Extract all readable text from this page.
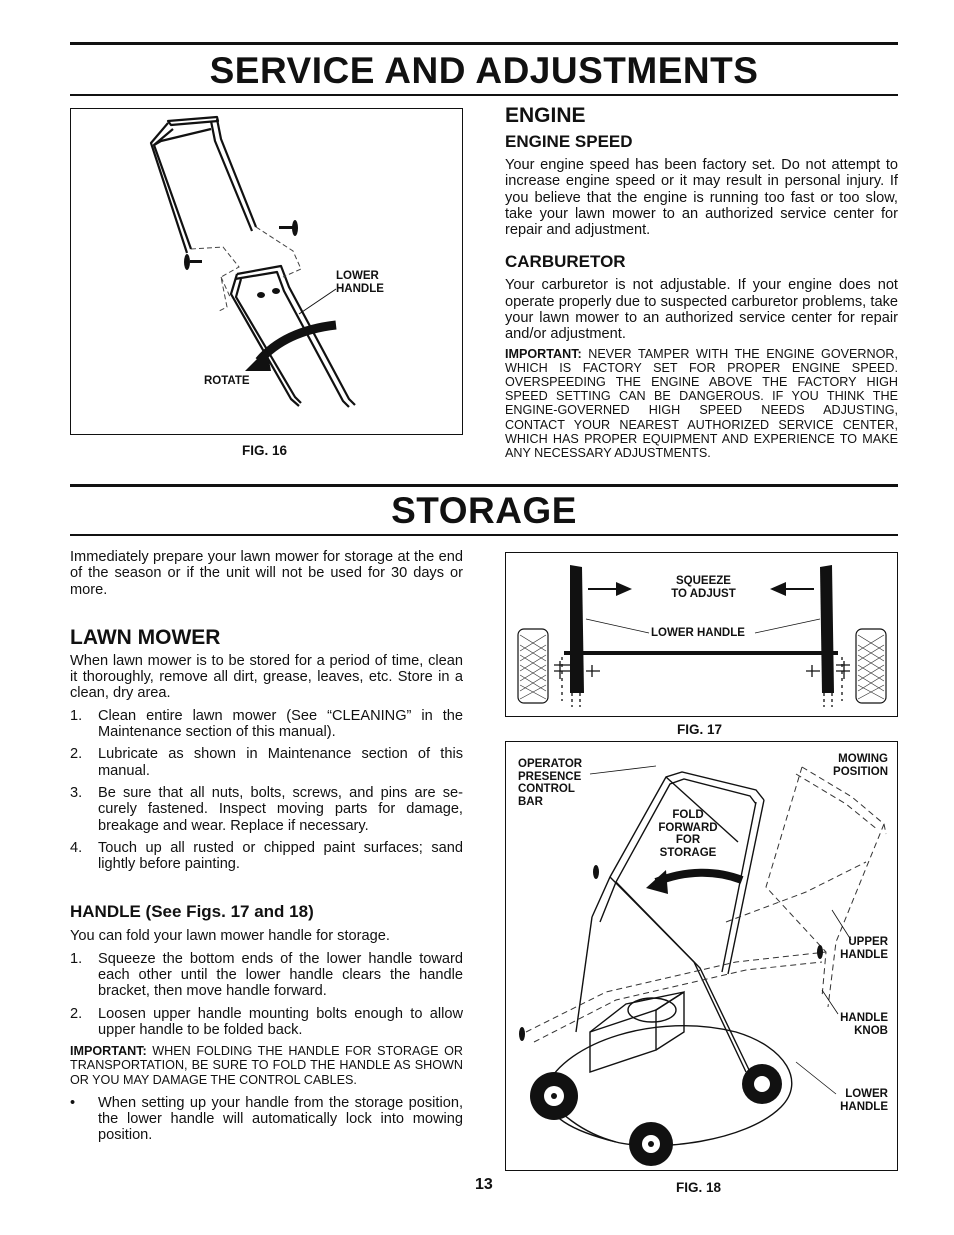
SERVICE AND ADJUSTMENTS
LOWER
HANDLE
ROTATE
FIG. 16
ENGINE
ENGINE SPEED
Your engine speed has been factory set. Do not attempt to increase engine speed or it may result in personal injury. If you believe that the engine is running too fast or too slow, take your lawn mower to an authorized service center for repair and adjustment.
CARBURETOR
Your carburetor is not adjustable. If your engine does not operate properly due to suspected carburetor problems, take your lawn mower to an authorized service center for repair and/or adjustment.
IMPORTANT: NEVER TAMPER WITH THE ENGINE GOVERNOR, WHICH IS FACTORY SET FOR PROPER ENGINE SPEED. OVERSPEEDING THE ENGINE ABOVE THE FACTORY HIGH SPEED SETTING CAN BE DANGEROUS. IF YOU THINK THE ENGINE-GOVERNED HIGH SPEED NEEDS ADJUSTING, CONTACT YOUR NEAREST AUTHORIZED SERVICE CENTER, WHICH HAS PROPER EQUIPMENT AND EXPERIENCE TO MAKE ANY NECESSARY ADJUSTMENTS.
STORAGE
Immediately prepare your lawn mower for storage at the end of the season or if the unit will not be used for 30 days or more.
LAWN MOWER
When lawn mower is to be stored for a period of time, clean it thoroughly, remove all dirt, grease, leaves, etc. Store in a clean, dry area.
1. Clean entire lawn mower (See “CLEANING” in the Maintenance section of this manual).
2. Lubricate as shown in Maintenance section of this manual.
3. Be sure that all nuts, bolts, screws, and pins are se-curely fastened. Inspect moving parts for damage, breakage and wear. Replace if necessary.
4. Touch up all rusted or chipped paint surfaces; sand lightly before painting.
HANDLE (See Figs. 17 and 18)
You can fold your lawn mower handle for storage.
1. Squeeze the bottom ends of the lower handle toward each other until the lower handle clears the handle bracket, then move handle forward.
2. Loosen upper handle mounting bolts enough to allow upper handle to be folded back.
IMPORTANT: WHEN FOLDING THE HANDLE FOR STORAGE OR TRANSPORTATION, BE SURE TO FOLD THE HANDLE AS SHOWN OR YOU MAY DAMAGE THE CONTROL CABLES.
• When setting up your handle from the storage position, the lower handle will automatically lock into mowing position.
SQUEEZE
TO ADJUST
LOWER HANDLE
FIG. 17
OPERATOR
PRESENCE
CONTROL
BAR
MOWING
POSITION
FOLD
FORWARD
FOR
STORAGE
UPPER
HANDLE
HANDLE
KNOB
LOWER
HANDLE
FIG. 18
13
